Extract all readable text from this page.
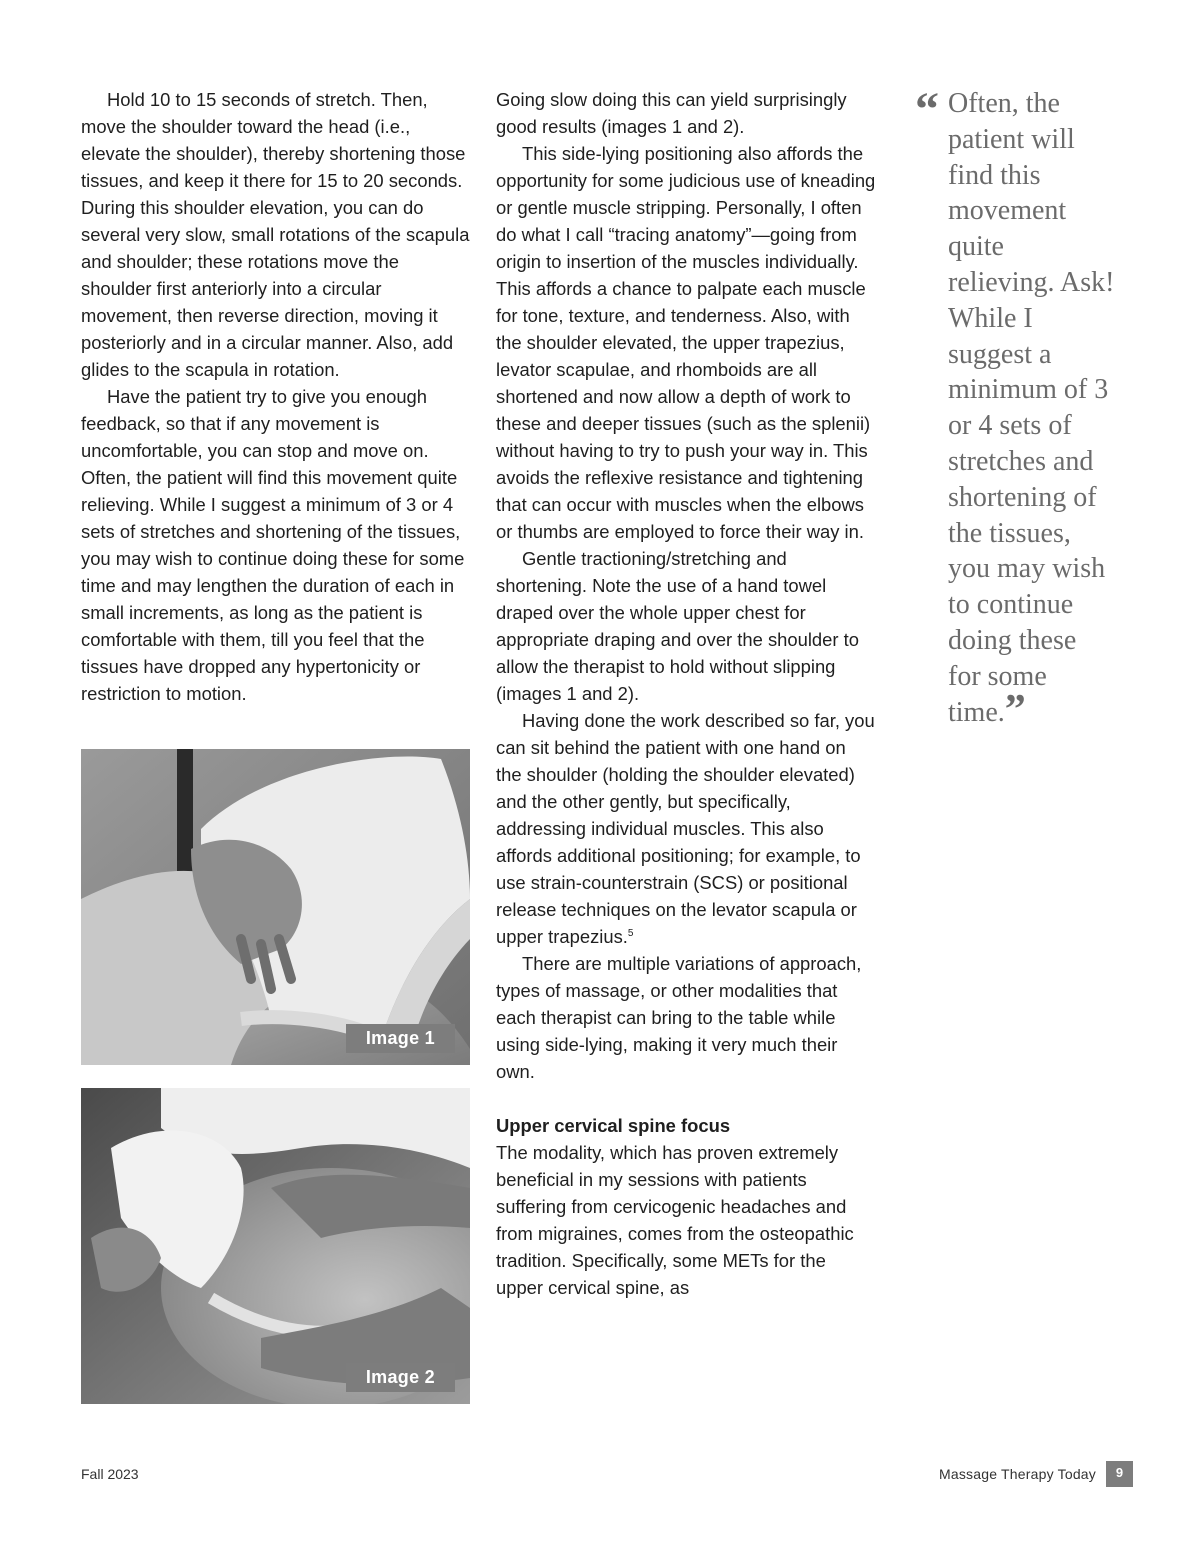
Hold 10 to 15 seconds of stretch. Then, move the shoulder toward the head (i.e., elevate the shoulder), thereby shortening those tissues, and keep it there for 15 to 20 seconds. During this shoulder elevation, you can do several very slow, small rotations of the scapula and shoulder; these rotations move the shoulder first anteriorly into a circular movement, then reverse direction, moving it posteriorly and in a circular manner. Also, add glides to the scapula in rotation.

Have the patient try to give you enough feedback, so that if any movement is uncomfortable, you can stop and move on. Often, the patient will find this movement quite relieving. While I suggest a minimum of 3 or 4 sets of stretches and shortening of the tissues, you may wish to continue doing these for some time and may lengthen the duration of each in small increments, as long as the patient is comfortable with them, till you feel that the tissues have dropped any hypertonicity or restriction to motion.

Image 1
Image 2

Going slow doing this can yield surprisingly good results (images 1 and 2).

This side-lying positioning also affords the opportunity for some judicious use of kneading or gentle muscle stripping. Personally, I often do what I call “tracing anatomy”—going from origin to insertion of the muscles individually. This affords a chance to palpate each muscle for tone, texture, and tenderness. Also, with the shoulder elevated, the upper trapezius, levator scapulae, and rhomboids are all shortened and now allow a depth of work to these and deeper tissues (such as the splenii) without having to try to push your way in. This avoids the reflexive resistance and tightening that can occur with muscles when the elbows or thumbs are employed to force their way in.

Gentle tractioning/stretching and shortening. Note the use of a hand towel draped over the whole upper chest for appropriate draping and over the shoulder to allow the therapist to hold without slipping (images 1 and 2).

Having done the work described so far, you can sit behind the patient with one hand on the shoulder (holding the shoulder elevated) and the other gently, but specifically, addressing individual muscles. This also affords additional positioning; for example, to use strain-counterstrain (SCS) or positional release techniques on the levator scapula or upper trapezius.$^5$

There are multiple variations of approach, types of massage, or other modalities that each therapist can bring to the table while using side-lying, making it very much their own.

Upper cervical spine focus

The modality, which has proven extremely beneficial in my sessions with patients suffering from cervicogenic headaches and from migraines, comes from the osteopathic tradition. Specifically, some METs for the upper cervical spine, as

“ Often, the patient will find this movement quite relieving. Ask! While I suggest a minimum of 3 or 4 sets of stretches and shortening of the tissues, you may wish to continue doing these for some time.”
Fall 2023	Massage Therapy Today	9
